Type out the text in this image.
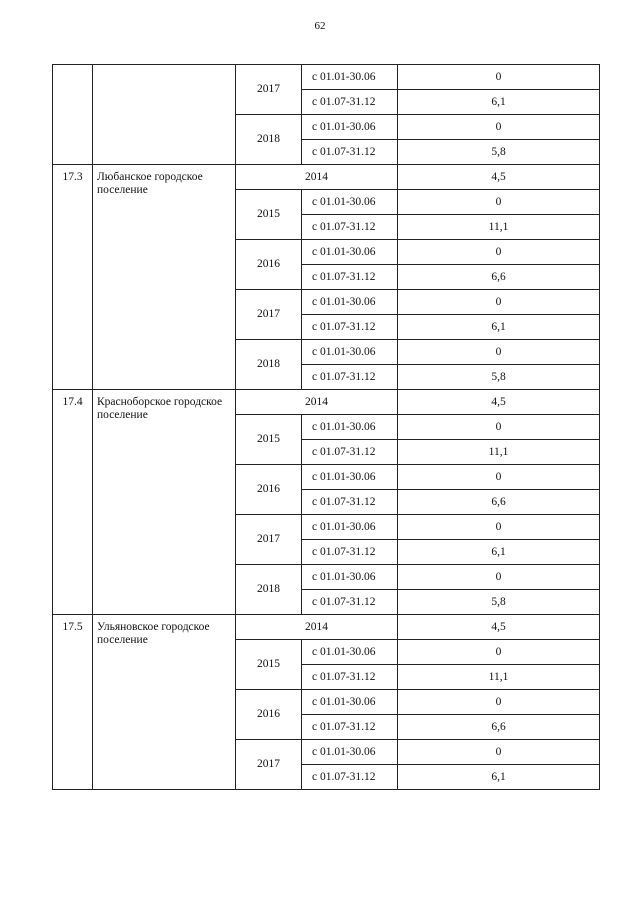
62
		2017	с 01.01-30.06	0
			с 01.07-31.12	6,1
		2018	с 01.01-30.06	0
			с 01.07-31.12	5,8
17.3	Любанское городское поселение	2014		4,5
		2015	с 01.01-30.06	0
			с 01.07-31.12	11,1
		2016	с 01.01-30.06	0
			с 01.07-31.12	6,6
		2017	с 01.01-30.06	0
			с 01.07-31.12	6,1
		2018	с 01.01-30.06	0
			с 01.07-31.12	5,8
17.4	Красноборское городское поселение	2014		4,5
		2015	с 01.01-30.06	0
			с 01.07-31.12	11,1
		2016	с 01.01-30.06	0
			с 01.07-31.12	6,6
		2017	с 01.01-30.06	0
			с 01.07-31.12	6,1
		2018	с 01.01-30.06	0
			с 01.07-31.12	5,8
17.5	Ульяновское городское поселение	2014		4,5
		2015	с 01.01-30.06	0
			с 01.07-31.12	11,1
		2016	с 01.01-30.06	0
			с 01.07-31.12	6,6
		2017	с 01.01-30.06	0
			с 01.07-31.12	6,1
